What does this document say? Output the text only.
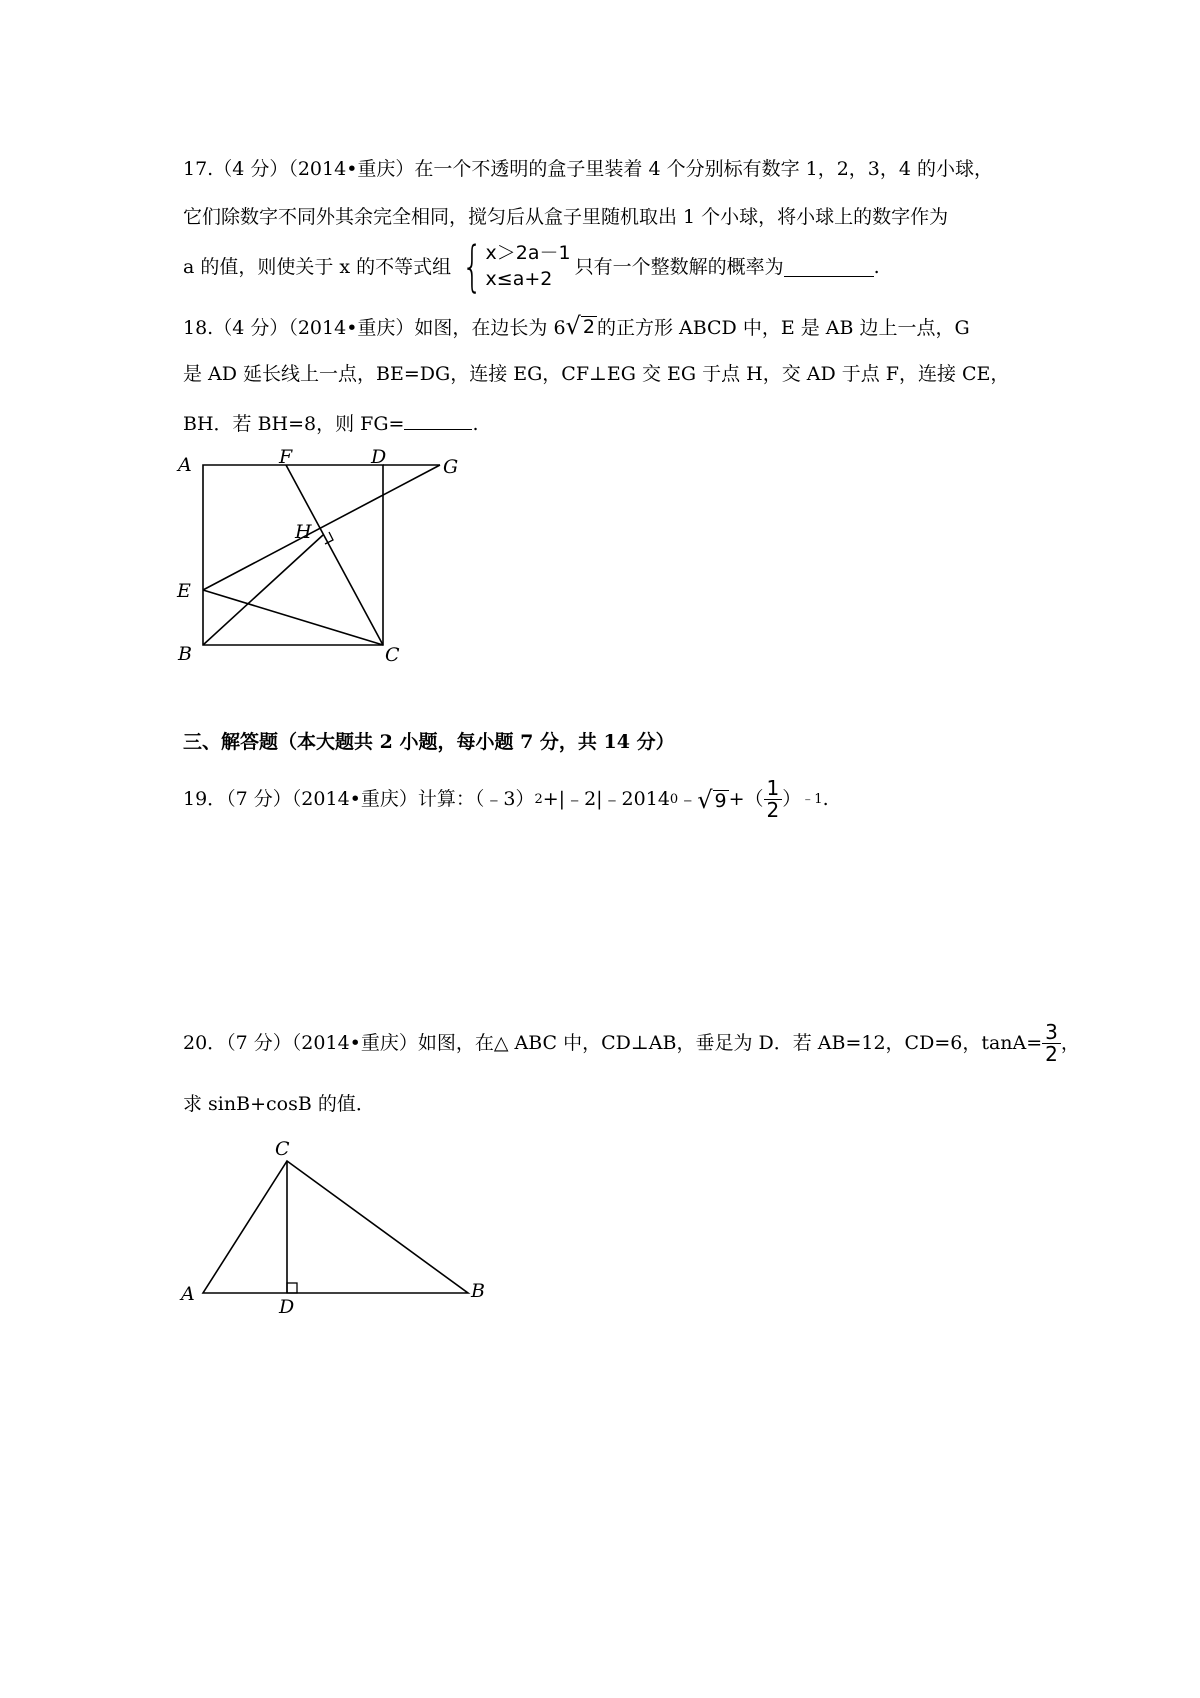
17.（4 分）（2014•重庆）在一个不透明的盒子里装着 4 个分别标有数字 1，2，3，4 的小球，
它们除数字不同外其余完全相同，搅匀后从盒子里随机取出 1 个小球，将小球上的数字作为
a 的值，则使关于 x 的不等式组 { x＞2a－1
x≤a+2
只有一个整数解的概率为	.
18.（4 分）（2014•重庆）如图，在边长为 6 √ 2 的正方形 ABCD 中，E 是 AB 边上一点，G
是 AD 延长线上一点，BE=DG，连接 EG，CF⊥EG 交 EG 于点 H，交 AD 于点 F，连接 CE，
BH．若 BH=8，则 FG=	.
A	F	D	G
H
E
B	C
三、解答题（本大题共 2 小题，每小题 7 分，共 14 分）
19．（7 分）（2014•重庆）计算：（﹣3） 2 +|﹣2|﹣2014 0 ﹣ √ 9 +（ $\frac{1}{2}$ ） ﹣1 .
20．（7 分）（2014•重庆）如图，在△ ABC 中，CD⊥AB，垂足为 D．若 AB=12，CD=6，$\tan A= \frac{3}{2}$ ，
求 sinB+cosB 的值．
C
A
D
B
